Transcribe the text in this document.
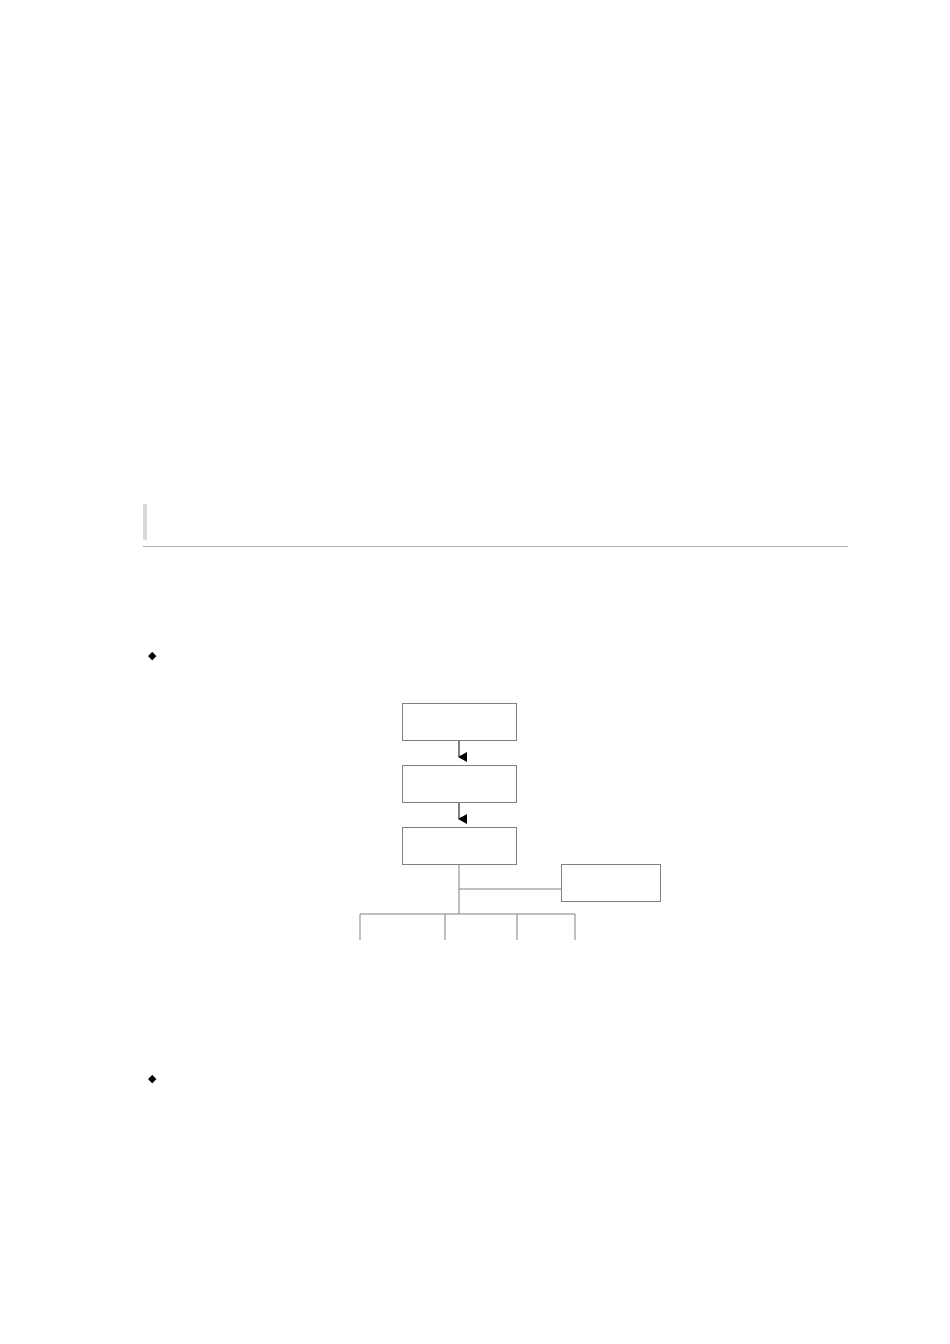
◆
◆
